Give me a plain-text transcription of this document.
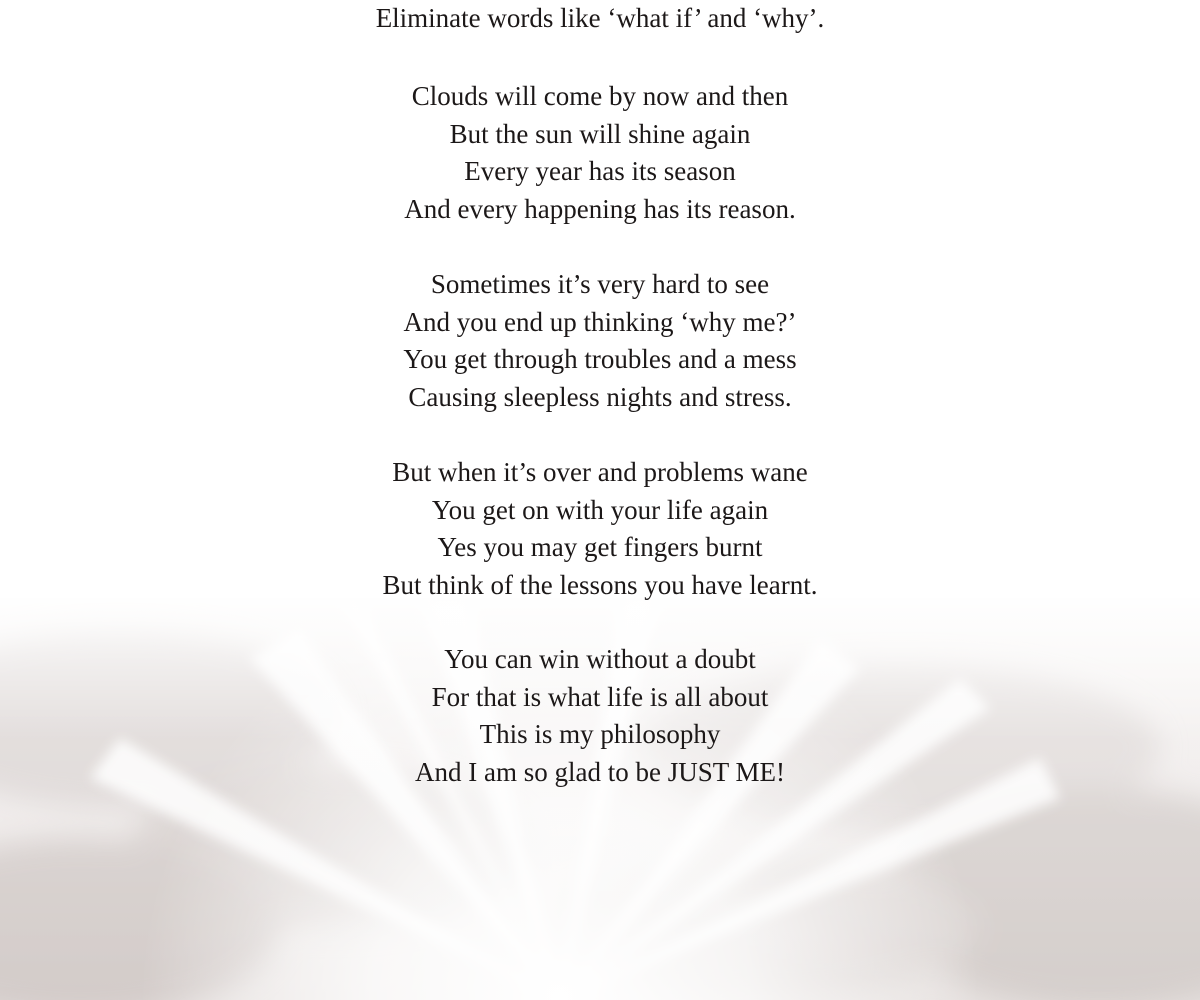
Eliminate words like ‘what if’ and ‘why’.
Clouds will come by now and then
But the sun will shine again
Every year has its season
And every happening has its reason.
Sometimes it’s very hard to see
And you end up thinking ‘why me?’
You get through troubles and a mess
Causing sleepless nights and stress.
But when it’s over and problems wane
You get on with your life again
Yes you may get fingers burnt
But think of the lessons you have learnt.
You can win without a doubt
For that is what life is all about
This is my philosophy
And I am so glad to be JUST ME!
